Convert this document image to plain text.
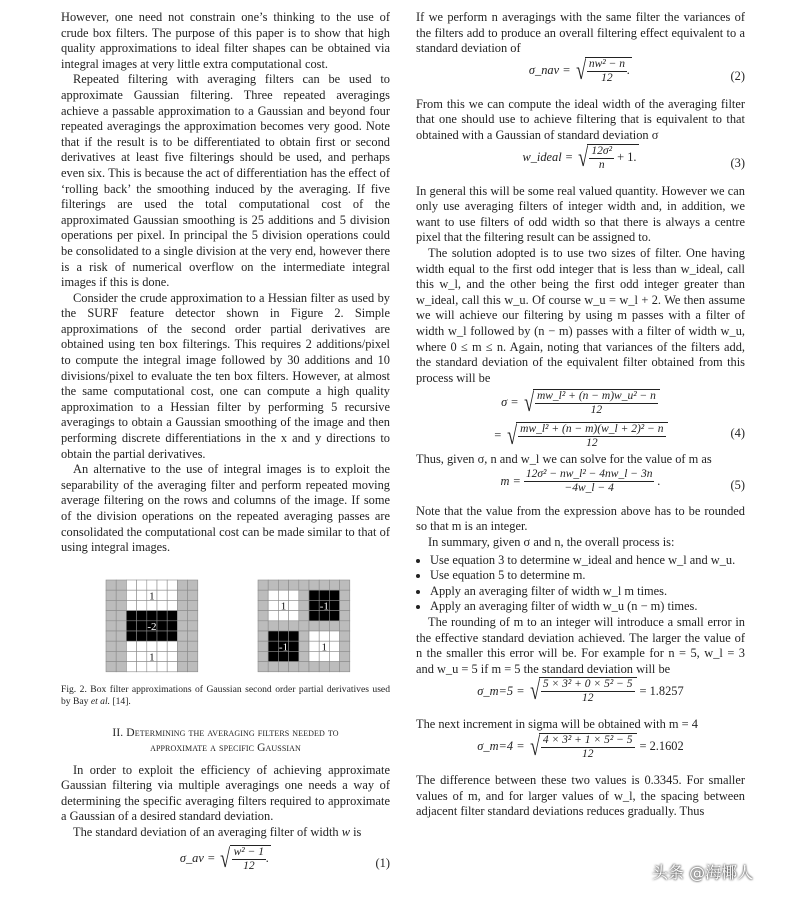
However, one need not constrain one’s thinking to the use of crude box filters. The purpose of this paper is to show that high quality approximations to ideal filter shapes can be obtained via integral images at very little extra computational cost.

Repeated filtering with averaging filters can be used to approximate Gaussian filtering. Three repeated averagings achieve a passable approximation to a Gaussian and beyond four repeated averagings the approximation becomes very good. Note that if the result is to be differentiated to obtain first or second derivatives at least five filterings should be used, and perhaps even six. This is because the act of differentiation has the effect of ‘rolling back’ the smoothing induced by the averaging. If five filterings are used the total computational cost of the approximated Gaussian smoothing is 25 additions and 5 division operations per pixel. In principal the 5 division operations could be consolidated to a single division at the very end, however there is a risk of numerical overflow on the intermediate integral images if this is done.

Consider the crude approximation to a Hessian filter as used by the SURF feature detector shown in Figure 2. Simple approximations of the second order partial derivatives are obtained using ten box filterings. This requires 2 additions/pixel to compute the integral image followed by 30 additions and 10 divisions/pixel to evaluate the ten box filters. However, at almost the same computational cost, one can compute a high quality approximation to a Hessian filter by performing 5 recursive averagings to obtain a Gaussian smoothing of the image and then performing discrete differentiations in the x and y directions to obtain the partial derivatives.

An alternative to the use of integral images is to exploit the separability of the averaging filter and perform repeated moving average filtering on the rows and columns of the image. If some of the division operations on the repeated averaging passes are consolidated the computational cost can be made similar to that of using integral images.

1
-2
1
1	-1
-1	1

Fig. 2. Box filter approximations of Gaussian second order partial derivatives used by Bay et al. [14].

II. Determining the averaging filters needed to
approximate a specific Gaussian

In order to exploit the efficiency of achieving approximate Gaussian filtering via multiple averagings one needs a way of determining the specific averaging filters required to approximate a Gaussian of a desired standard deviation.

The standard deviation of an averaging filter of width w is

σ_av = √ $\frac{\text{w² − 1}}{12}$ .	(1)

If we perform n averagings with the same filter the variances of the filters add to produce an overall filtering effect equivalent to a standard deviation of

σ_nav = √ $\frac{\text{nw² − n}}{12}$ .	(2)

From this we can compute the ideal width of the averaging filter that one should use to achieve filtering that is equivalent to that obtained with a Gaussian of standard deviation σ

w_ideal = √ $\frac{\text{12σ²}}{n}$
+ 1.	(3)

In general this will be some real valued quantity. However we can only use averaging filters of integer width and, in addition, we want to use filters of odd width so that there is always a centre pixel that the filtering result can be assigned to.

The solution adopted is to use two sizes of filter. One having width equal to the first odd integer that is less than w_ideal, call this w_l, and the other being the first odd integer greater than w_ideal, call this w_u. Of course w_u = w_l + 2. We then assume we will achieve our filtering by using m passes with a filter of width w_l followed by (n − m) passes with a filter of width w_u, where 0 ≤ m ≤ n. Again, noting that variances of the filters add, the standard deviation of the equivalent filter obtained from this process will be

σ = √ $\frac{\text{mw\_l² + (n − m)w\_u² − n}}{12}$
= √ $\frac{\text{mw\_l² + (n − m)(w\_l + 2)² − n}}{12}$	(4)

Thus, given σ, n and w_l we can solve for the value of m as

$m = \frac{\text{12σ² − nw\_l² − 4nw\_l − 3n}}{-4w\_l - 4}$ .	(5)

Note that the value from the expression above has to be rounded so that m is an integer.

In summary, given σ and n, the overall process is:

• Use equation 3 to determine w_ideal and hence w_l and w_u.
• Use equation 5 to determine m.
• Apply an averaging filter of width w_l m times.
• Apply an averaging filter of width w_u (n − m) times.

The rounding of m to an integer will introduce a small error in the effective standard deviation achieved. The larger the value of n the smaller this error will be. For example for n = 5, w_l = 3 and w_u = 5 if m = 5 the standard deviation will be

σ_m=5 = √ $\frac{\text{5 × 3² + 0 × 5² − 5}}{12} = 1.8257$

The next increment in sigma will be obtained with m = 4

σ_m=4 = √ $\frac{\text{4 × 3² + 1 × 5² − 5}}{12} = 2.1602$

The difference between these two values is 0.3345. For smaller values of m, and for larger values of w_l, the spacing between adjacent filter standard deviations reduces gradually. Thus

头条 @海椰人
